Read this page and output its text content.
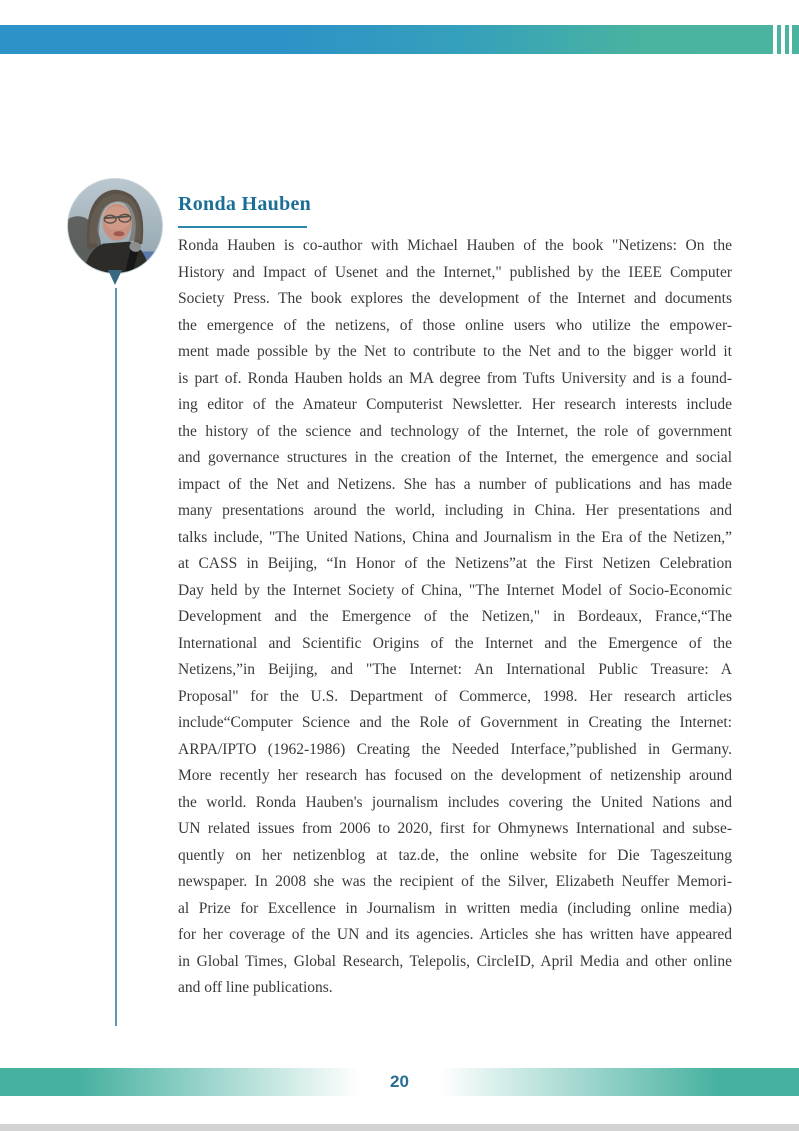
Ronda Hauben
Ronda Hauben is co-author with Michael Hauben of the book "Netizens: On the
History and Impact of Usenet and the Internet," published by the IEEE Computer
Society Press. The book explores the development of the Internet and documents
the emergence of the netizens, of those online users who utilize the empower-
ment made possible by the Net to contribute to the Net and to the bigger world it
is part of. Ronda Hauben holds an MA degree from Tufts University and is a found-
ing editor of the Amateur Computerist Newsletter. Her research interests include
the history of the science and technology of the Internet, the role of government
and governance structures in the creation of the Internet, the emergence and social
impact of the Net and Netizens. She has a number of publications and has made
many presentations around the world, including in China. Her presentations and
talks include, "The United Nations, China and Journalism in the Era of the Netizen,”
at CASS in Beijing, “In Honor of the Netizens”at the First Netizen Celebration
Day held by the Internet Society of China, "The Internet Model of Socio-Economic
Development and the Emergence of the Netizen," in Bordeaux, France,“The
International and Scientific Origins of the Internet and the Emergence of the
Netizens,”in Beijing, and "The Internet: An International Public Treasure: A
Proposal" for the U.S. Department of Commerce, 1998. Her research articles
include“Computer Science and the Role of Government in Creating the Internet:
ARPA/IPTO (1962-1986) Creating the Needed Interface,”published in Germany.
More recently her research has focused on the development of netizenship around
the world. Ronda Hauben's journalism includes covering the United Nations and
UN related issues from 2006 to 2020, first for Ohmynews International and subse-
quently on her netizenblog at taz.de, the online website for Die Tageszeitung
newspaper. In 2008 she was the recipient of the Silver, Elizabeth Neuffer Memori-
al Prize for Excellence in Journalism in written media (including online media)
for her coverage of the UN and its agencies. Articles she has written have appeared
in Global Times, Global Research, Telepolis, CircleID, April Media and other online
and off line publications.
20
